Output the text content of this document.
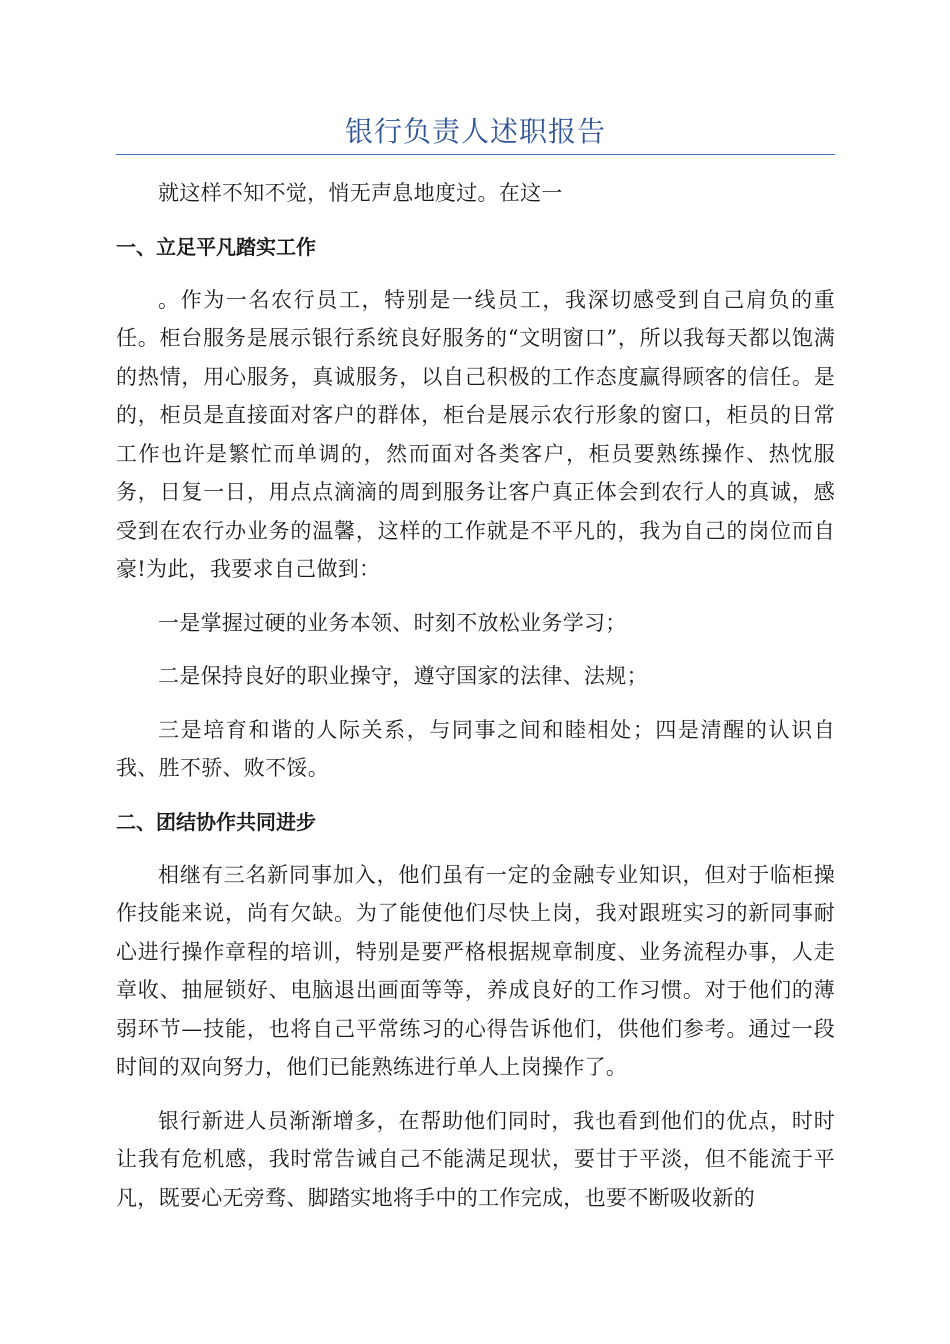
银行负责人述职报告

就这样不知不觉，悄无声息地度过。在这一

一、立足平凡踏实工作

。作为一名农行员工，特别是一线员工，我深切感受到自己肩负的重任。柜台服务是展示银行系统良好服务的“文明窗口”，所以我每天都以饱满的热情，用心服务，真诚服务，以自己积极的工作态度赢得顾客的信任。是的，柜员是直接面对客户的群体，柜台是展示农行形象的窗口，柜员的日常工作也许是繁忙而单调的，然而面对各类客户，柜员要熟练操作、热忱服务，日复一日，用点点滴滴的周到服务让客户真正体会到农行人的真诚，感受到在农行办业务的温馨，这样的工作就是不平凡的，我为自己的岗位而自豪!为此，我要求自己做到：

一是掌握过硬的业务本领、时刻不放松业务学习；

二是保持良好的职业操守，遵守国家的法律、法规；

三是培育和谐的人际关系，与同事之间和睦相处；四是清醒的认识自我、胜不骄、败不馁。

二、团结协作共同进步

相继有三名新同事加入，他们虽有一定的金融专业知识，但对于临柜操作技能来说，尚有欠缺。为了能使他们尽快上岗，我对跟班实习的新同事耐心进行操作章程的培训，特别是要严格根据规章制度、业务流程办事，人走章收、抽屉锁好、电脑退出画面等等，养成良好的工作习惯。对于他们的薄弱环节—技能，也将自己平常练习的心得告诉他们，供他们参考。通过一段时间的双向努力，他们已能熟练进行单人上岗操作了。

银行新进人员渐渐增多，在帮助他们同时，我也看到他们的优点，时时让我有危机感，我时常告诫自己不能满足现状，要甘于平淡，但不能流于平凡，既要心无旁骛、脚踏实地将手中的工作完成，也要不断吸收新的
